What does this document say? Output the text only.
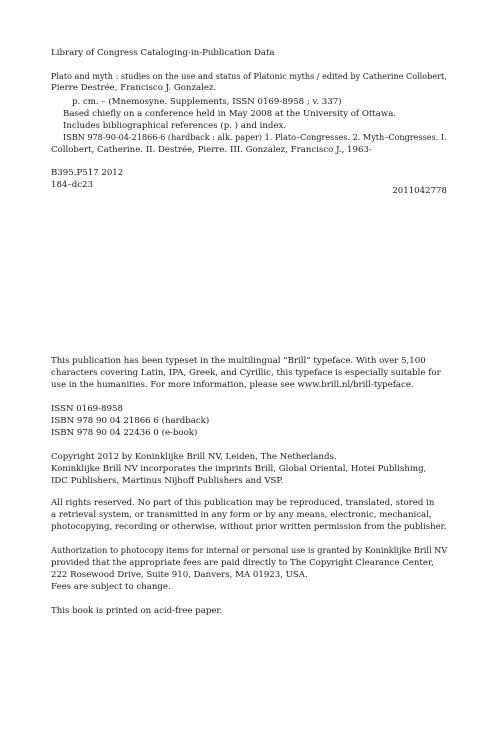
Library of Congress Cataloging-in-Publication Data
Plato and myth : studies on the use and status of Platonic myths / edited by Catherine Collobert,
Pierre Destrée, Francisco J. Gonzalez.
p. cm. – (Mnemosyne. Supplements, ISSN 0169-8958 ; v. 337)
Based chiefly on a conference held in May 2008 at the University of Ottawa.
Includes bibliographical references (p. ) and index.
ISBN 978-90-04-21866-6 (hardback : alk. paper) 1. Plato–Congresses. 2. Myth–Congresses. I.
Collobert, Catherine. II. Destrée, Pierre. III. Gonzalez, Francisco J., 1963-
B395.P517 2012
184–dc23
2011042778
This publication has been typeset in the multilingual “Brill” typeface. With over 5,100
characters covering Latin, IPA, Greek, and Cyrillic, this typeface is especially suitable for
use in the humanities. For more information, please see www.brill.nl/brill-typeface.
ISSN 0169-8958
ISBN 978 90 04 21866 6 (hardback)
ISBN 978 90 04 22436 0 (e-book)
Copyright 2012 by Koninklijke Brill NV, Leiden, The Netherlands.
Koninklijke Brill NV incorporates the imprints Brill, Global Oriental, Hotei Publishing,
IDC Publishers, Martinus Nijhoff Publishers and VSP.
All rights reserved. No part of this publication may be reproduced, translated, stored in
a retrieval system, or transmitted in any form or by any means, electronic, mechanical,
photocopying, recording or otherwise, without prior written permission from the publisher.
Authorization to photocopy items for internal or personal use is granted by Koninklijke Brill NV
provided that the appropriate fees are paid directly to The Copyright Clearance Center,
222 Rosewood Drive, Suite 910, Danvers, MA 01923, USA.
Fees are subject to change.
This book is printed on acid-free paper.
